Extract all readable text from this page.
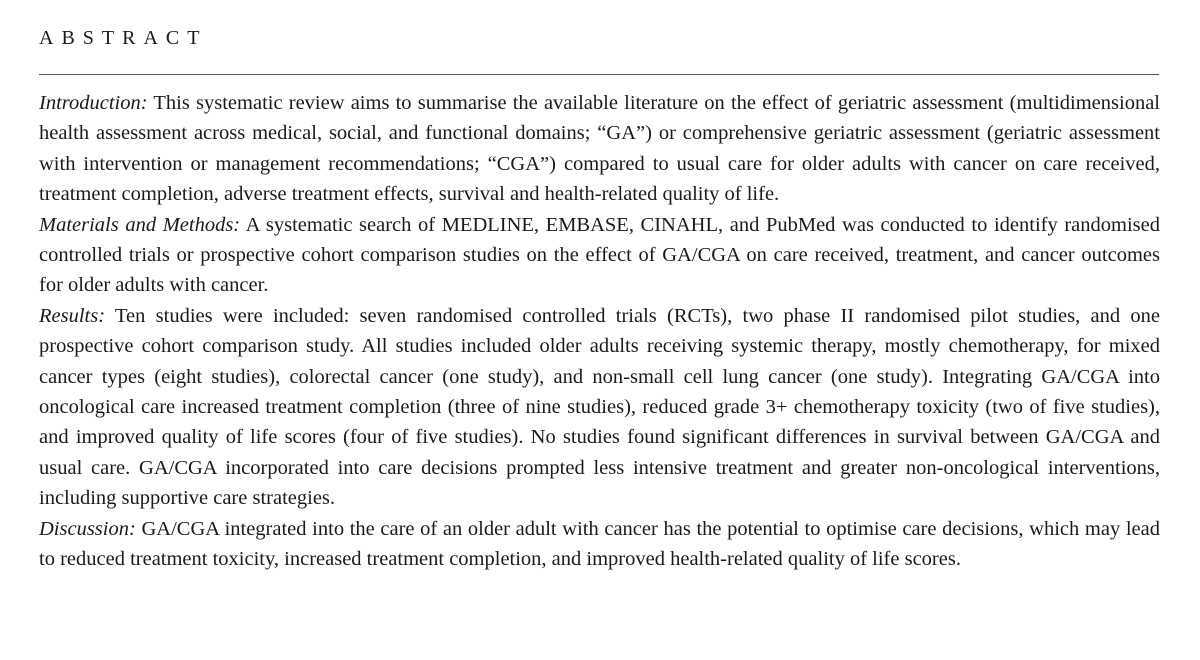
ABSTRACT

Introduction: This systematic review aims to summarise the available literature on the effect of geriatric assessment (multidimensional health assessment across medical, social, and functional domains; “GA”) or comprehensive geriatric assessment (geriatric assessment with intervention or management recommendations; “CGA”) compared to usual care for older adults with cancer on care received, treatment completion, adverse treatment effects, survival and health-related quality of life.

Materials and Methods: A systematic search of MEDLINE, EMBASE, CINAHL, and PubMed was conducted to identify randomised controlled trials or prospective cohort comparison studies on the effect of GA/CGA on care received, treatment, and cancer outcomes for older adults with cancer.

Results: Ten studies were included: seven randomised controlled trials (RCTs), two phase II randomised pilot studies, and one prospective cohort comparison study. All studies included older adults receiving systemic therapy, mostly chemotherapy, for mixed cancer types (eight studies), colorectal cancer (one study), and non-small cell lung cancer (one study). Integrating GA/CGA into oncological care increased treatment completion (three of nine studies), reduced grade 3+ chemotherapy toxicity (two of five studies), and improved quality of life scores (four of five studies). No studies found significant differences in survival between GA/CGA and usual care. GA/CGA incorporated into care decisions prompted less intensive treatment and greater non-oncological interventions, including supportive care strategies.

Discussion: GA/CGA integrated into the care of an older adult with cancer has the potential to optimise care decisions, which may lead to reduced treatment toxicity, increased treatment completion, and improved health-related quality of life scores.
